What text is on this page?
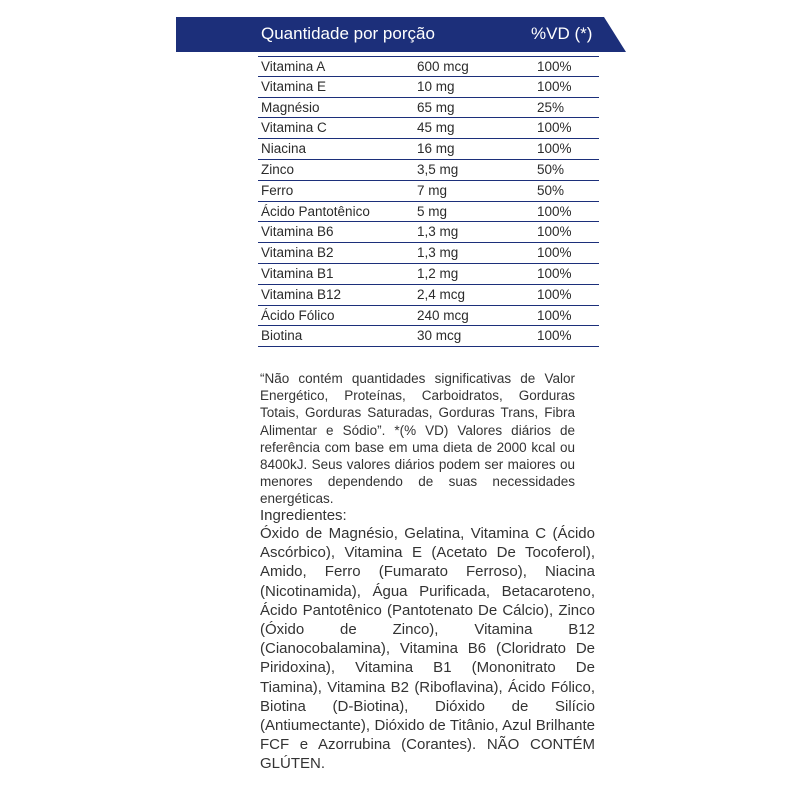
Quantidade por porção	%VD (*)
Vitamina A	600 mcg	100%
Vitamina E	10 mg	100%
Magnésio	65 mg	25%
Vitamina C	45 mg	100%
Niacina	16 mg	100%
Zinco	3,5 mg	50%
Ferro	7 mg	50%
Ácido Pantotênico	5 mg	100%
Vitamina B6	1,3 mg	100%
Vitamina B2	1,3 mg	100%
Vitamina B1	1,2 mg	100%
Vitamina B12	2,4 mcg	100%
Ácido Fólico	240 mcg	100%
Biotina	30 mcg	100%
“Não contém quantidades significativas de Valor Energético, Proteínas, Carboidratos, Gorduras Totais, Gorduras Saturadas, Gorduras Trans, Fibra Alimentar e Sódio”. *(% VD) Valores diários de referência com base em uma dieta de 2000 kcal ou 8400kJ. Seus valores diários podem ser maiores ou menores dependendo de suas necessidades energéticas.
Ingredientes:
Óxido de Magnésio, Gelatina, Vitamina C (Ácido Ascórbico), Vitamina E (Acetato De Tocoferol), Amido, Ferro (Fumarato Ferroso), Niacina (Nicotinamida), Água Purificada, Betacaroteno, Ácido Pantotênico (Pantotenato De Cálcio), Zinco (Óxido de Zinco), Vitamina B12 (Cianocobalamina), Vitamina B6 (Cloridrato De Piridoxina), Vitamina B1 (Mononitrato De Tiamina), Vitamina B2 (Riboflavina), Ácido Fólico, Biotina (D-Biotina), Dióxido de Silício (Antiumectante), Dióxido de Titânio, Azul Brilhante FCF e Azorrubina (Corantes). NÃO CONTÉM GLÚTEN.
